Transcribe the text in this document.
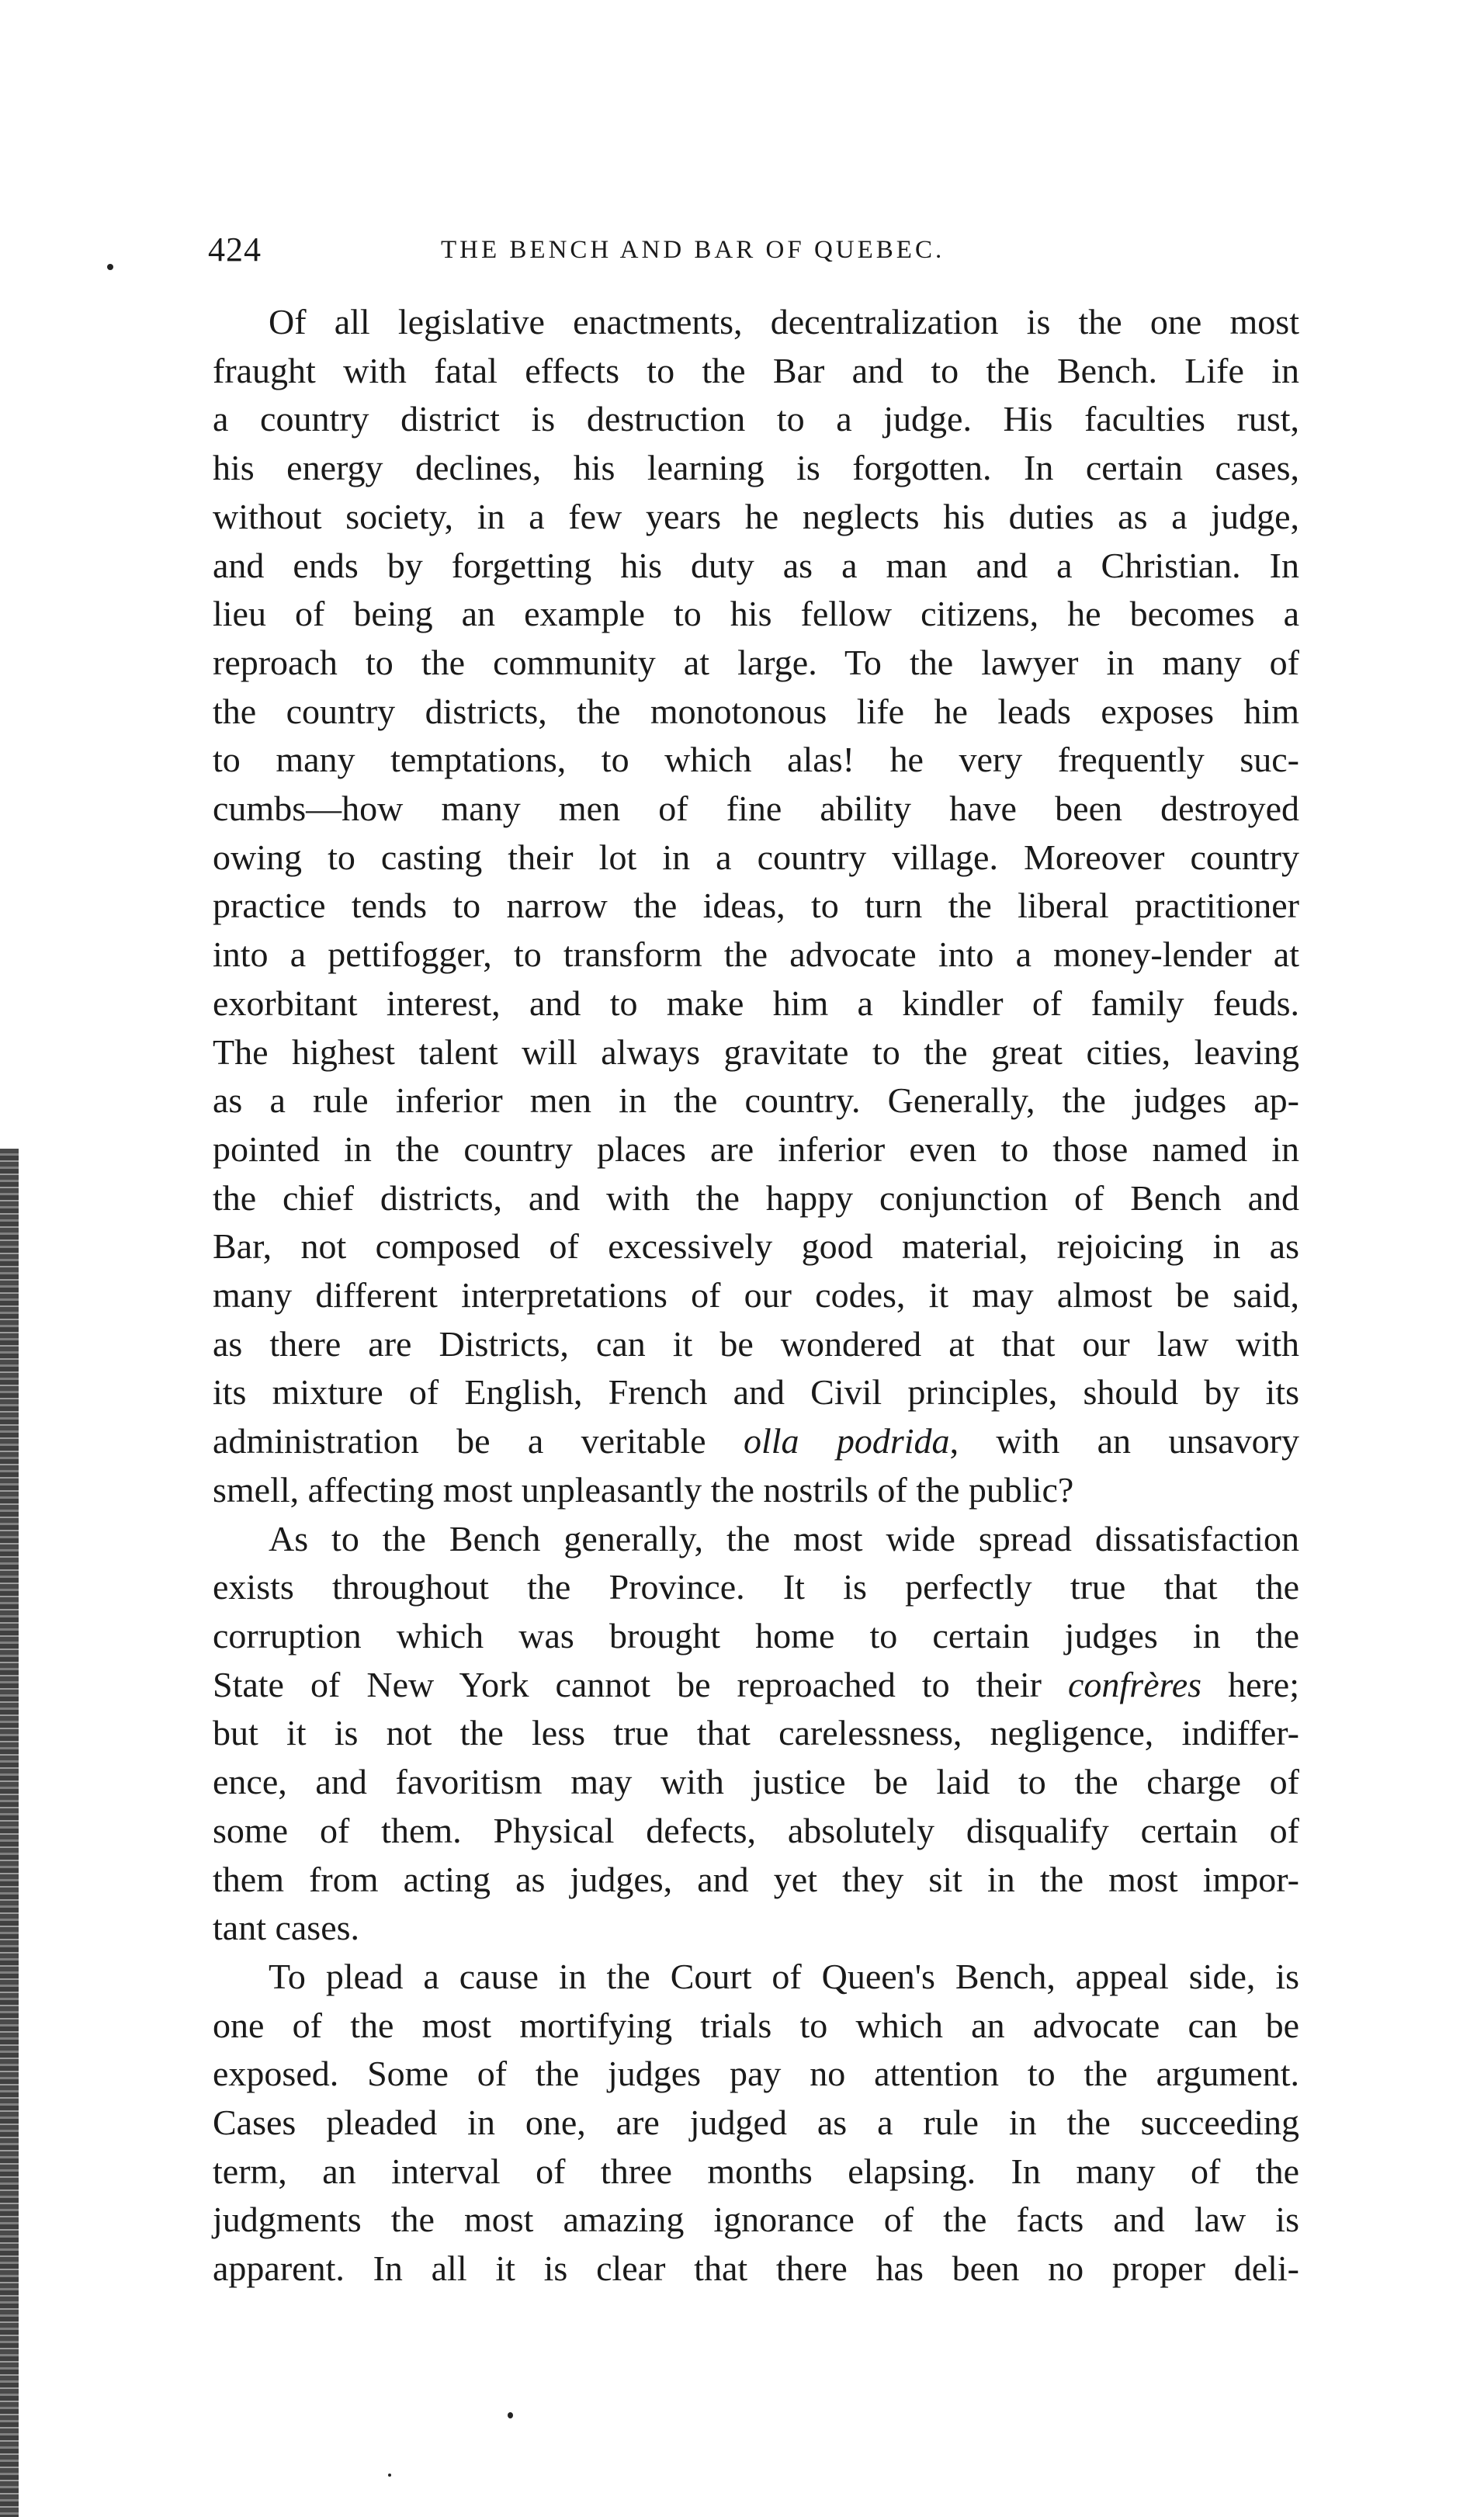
424	THE BENCH AND BAR OF QUEBEC.
Of all legislative enactments, decentralization is the one most
fraught with fatal effects to the Bar and to the Bench. Life in
a country district is destruction to a judge. His faculties rust,
his energy declines, his learning is forgotten. In certain cases,
without society, in a few years he neglects his duties as a judge,
and ends by forgetting his duty as a man and a Christian. In
lieu of being an example to his fellow citizens, he becomes a
reproach to the community at large. To the lawyer in many of
the country districts, the monotonous life he leads exposes him
to many temptations, to which alas! he very frequently suc-
cumbs—how many men of fine ability have been destroyed
owing to casting their lot in a country village. Moreover country
practice tends to narrow the ideas, to turn the liberal practitioner
into a pettifogger, to transform the advocate into a money-lender at
exorbitant interest, and to make him a kindler of family feuds.
The highest talent will always gravitate to the great cities, leaving
as a rule inferior men in the country. Generally, the judges ap-
pointed in the country places are inferior even to those named in
the chief districts, and with the happy conjunction of Bench and
Bar, not composed of excessively good material, rejoicing in as
many different interpretations of our codes, it may almost be said,
as there are Districts, can it be wondered at that our law with
its mixture of English, French and Civil principles, should by its
administration be a veritable olla podrida, with an unsavory
smell, affecting most unpleasantly the nostrils of the public?
As to the Bench generally, the most wide spread dissatisfaction
exists throughout the Province. It is perfectly true that the
corruption which was brought home to certain judges in the
State of New York cannot be reproached to their confrères here;
but it is not the less true that carelessness, negligence, indiffer-
ence, and favoritism may with justice be laid to the charge of
some of them. Physical defects, absolutely disqualify certain of
them from acting as judges, and yet they sit in the most impor-
tant cases.
To plead a cause in the Court of Queen's Bench, appeal side, is
one of the most mortifying trials to which an advocate can be
exposed. Some of the judges pay no attention to the argument.
Cases pleaded in one, are judged as a rule in the succeeding
term, an interval of three months elapsing. In many of the
judgments the most amazing ignorance of the facts and law is
apparent. In all it is clear that there has been no proper deli-
